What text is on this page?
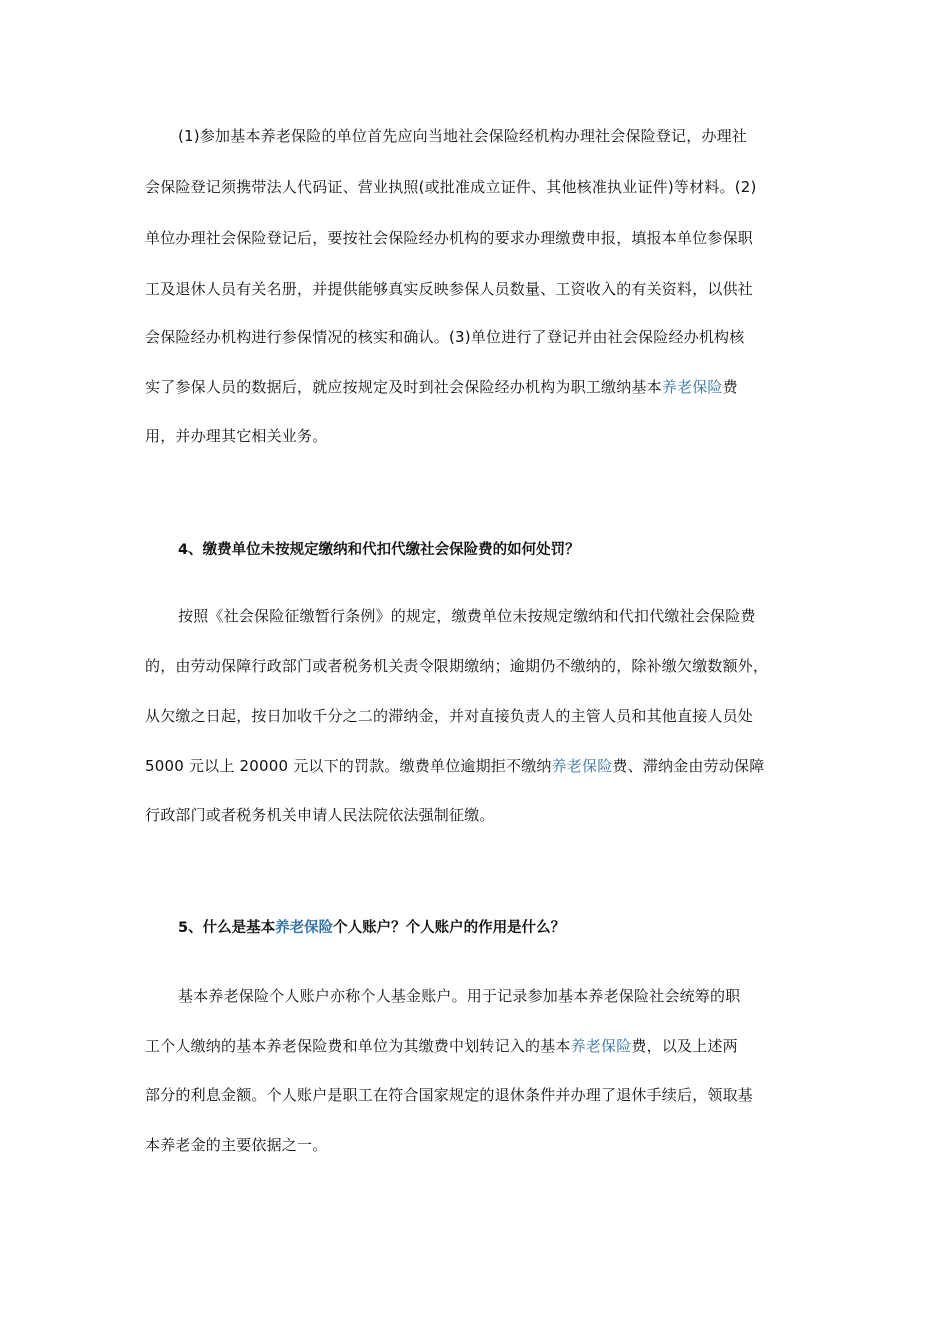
(1)参加基本养老保险的单位首先应向当地社会保险经机构办理社会保险登记，办理社
会保险登记须携带法人代码证、营业执照(或批准成立证件、其他核准执业证件)等材料。(2)
单位办理社会保险登记后，要按社会保险经办机构的要求办理缴费申报，填报本单位参保职
工及退休人员有关名册，并提供能够真实反映参保人员数量、工资收入的有关资料，以供社
会保险经办机构进行参保情况的核实和确认。(3)单位进行了登记并由社会保险经办机构核
实了参保人员的数据后，就应按规定及时到社会保险经办机构为职工缴纳基本养老保险费
用，并办理其它相关业务。
4、缴费单位未按规定缴纳和代扣代缴社会保险费的如何处罚？
按照《社会保险征缴暂行条例》的规定，缴费单位未按规定缴纳和代扣代缴社会保险费
的，由劳动保障行政部门或者税务机关责令限期缴纳；逾期仍不缴纳的，除补缴欠缴数额外，
从欠缴之日起，按日加收千分之二的滞纳金，并对直接负责人的主管人员和其他直接人员处
5000 元以上 20000 元以下的罚款。缴费单位逾期拒不缴纳养老保险费、滞纳金由劳动保障
行政部门或者税务机关申请人民法院依法强制征缴。
5、什么是基本养老保险个人账户？个人账户的作用是什么？
基本养老保险个人账户亦称个人基金账户。用于记录参加基本养老保险社会统筹的职
工个人缴纳的基本养老保险费和单位为其缴费中划转记入的基本养老保险费，以及上述两
部分的利息金额。个人账户是职工在符合国家规定的退休条件并办理了退休手续后，领取基
本养老金的主要依据之一。
